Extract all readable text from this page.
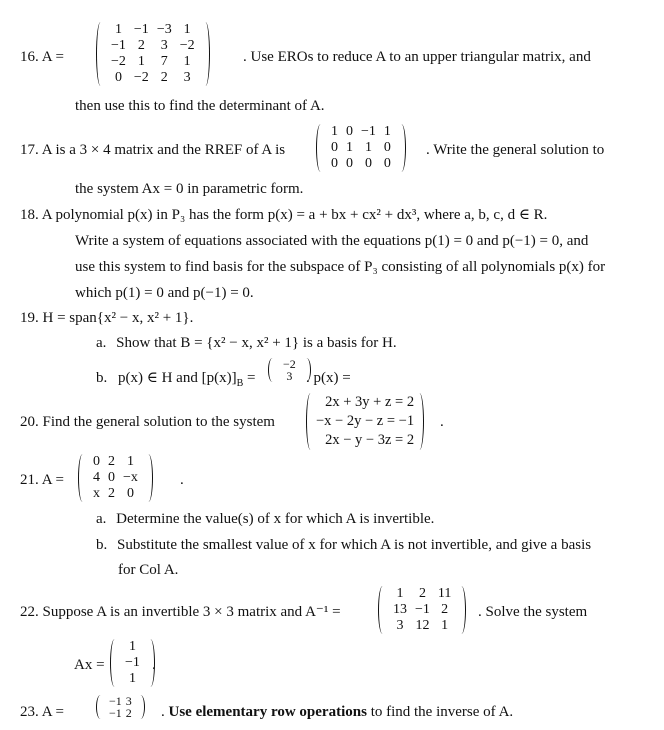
16. A =
1	−1	−3	1
−1	2	3	−2
−2	1	7	1
0	−2	2	3
. Use EROs to reduce A to an upper triangular matrix, and
then use this to find the determinant of A.
17. A is a 3 × 4 matrix and the RREF of A is
1	0	−1	1
0	1	1	0
0	0	0	0
. Write the general solution to
the system Ax = 0 in parametric form.
18. A polynomial p(x) in P₃ has the form p(x) = a + bx + cx² + dx³, where a, b, c, d ∈ R.
Write a system of equations associated with the equations p(1) = 0 and p(−1) = 0, and
use this system to find basis for the subspace of P₃ consisting of all polynomials p(x) for
which p(1) = 0 and p(−1) = 0.
19. H = span{x² − x, x² + 1}.
a. Show that B = {x² − x, x² + 1} is a basis for H.
b. p(x) ∈ H and $[p(x)]_B$ =
−2
3 . p(x) =
20. Find the general solution to the system
2x + 3y + z = 2
−x − 2y − z = −1
2x − y − 3z = 2
.
21. A =
0	2	1
4	0	−x
x	2	0
.
a. Determine the value(s) of x for which A is invertible.
b. Substitute the smallest value of x for which A is not invertible, and give a basis
for Col A.
22. Suppose A is an invertible 3 × 3 matrix and A⁻¹ =
1	2	11
13	−1	2
3	12	1
. Solve the system
Ax =
1
−1
1
.
23. A =
−1	3
−1	2 . Use elementary row operations to find the inverse of A.
